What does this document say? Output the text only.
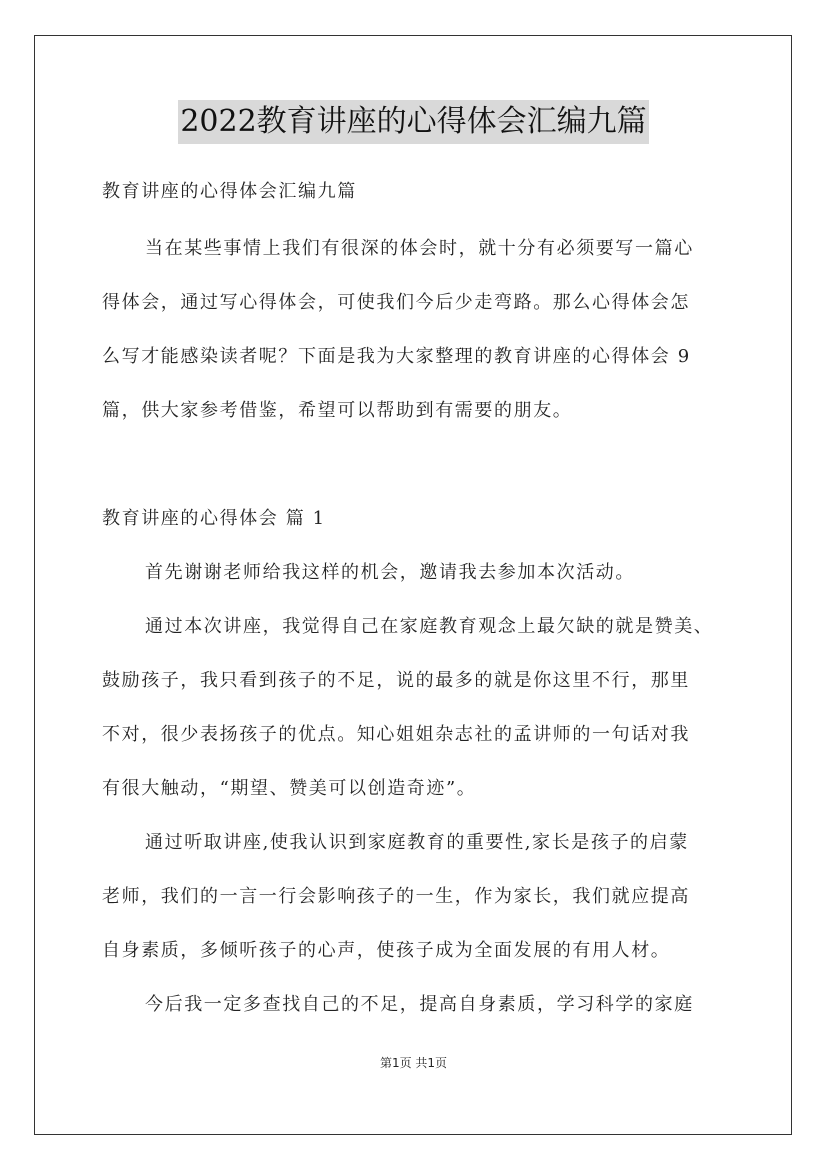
2022教育讲座的心得体会汇编九篇
教育讲座的心得体会汇编九篇
当在某些事情上我们有很深的体会时，就十分有必须要写一篇心
得体会，通过写心得体会，可使我们今后少走弯路。那么心得体会怎
么写才能感染读者呢？下面是我为大家整理的教育讲座的心得体会 9
篇，供大家参考借鉴，希望可以帮助到有需要的朋友。
教育讲座的心得体会 篇 1
首先谢谢老师给我这样的机会，邀请我去参加本次活动。
通过本次讲座，我觉得自己在家庭教育观念上最欠缺的就是赞美、
鼓励孩子，我只看到孩子的不足，说的最多的就是你这里不行，那里
不对，很少表扬孩子的优点。知心姐姐杂志社的孟讲师的一句话对我
有很大触动，“期望、赞美可以创造奇迹”。
通过听取讲座,使我认识到家庭教育的重要性,家长是孩子的启蒙
老师，我们的一言一行会影响孩子的一生，作为家长，我们就应提高
自身素质，多倾听孩子的心声，使孩子成为全面发展的有用人材。
今后我一定多查找自己的不足，提高自身素质，学习科学的家庭
第1页 共1页
